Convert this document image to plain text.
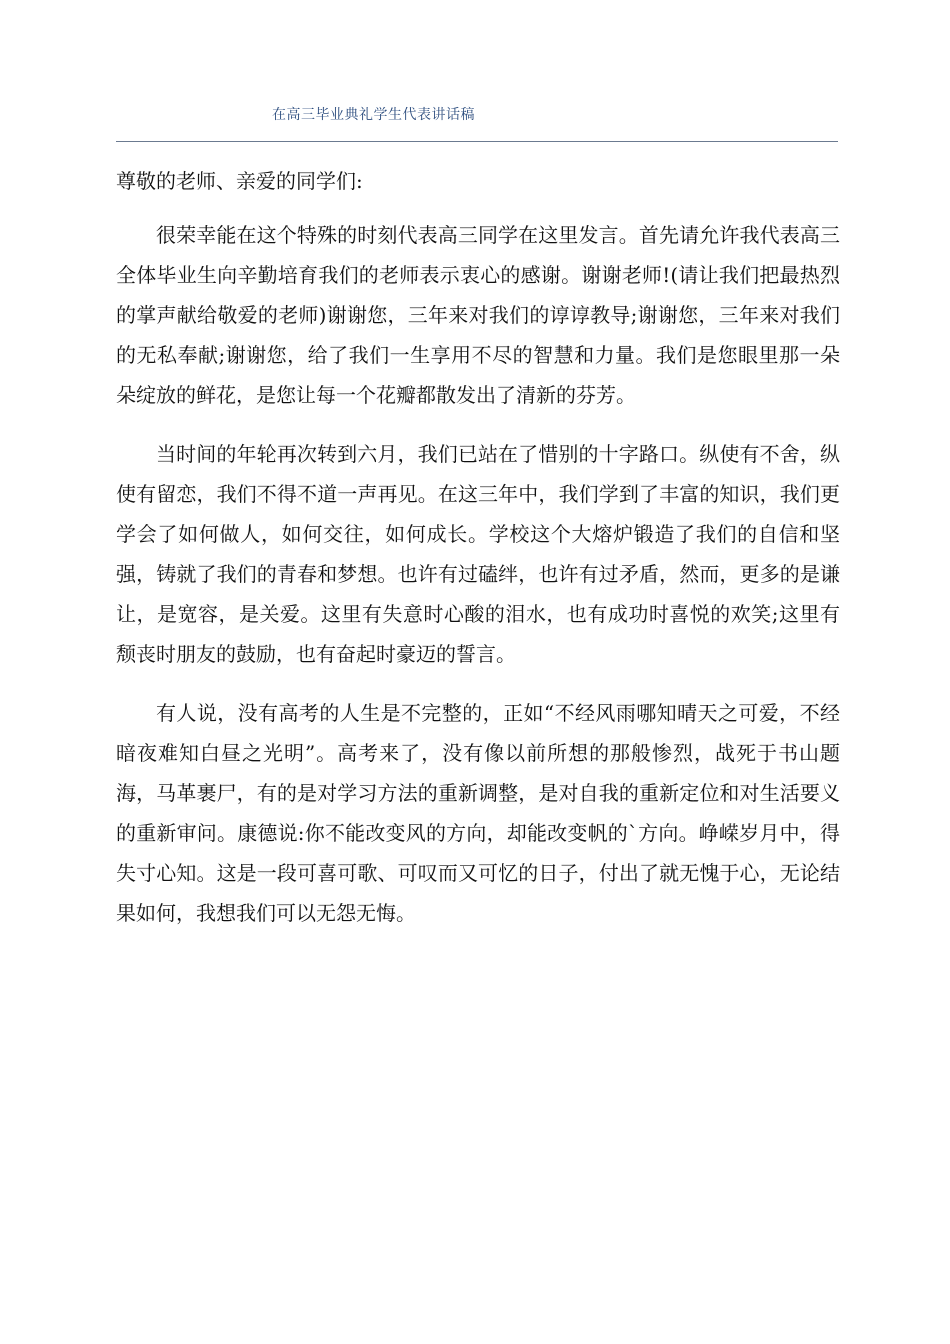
在高三毕业典礼学生代表讲话稿

尊敬的老师、亲爱的同学们:

很荣幸能在这个特殊的时刻代表高三同学在这里发言。首先请允许我代表高三全体毕业生向辛勤培育我们的老师表示衷心的感谢。谢谢老师!(请让我们把最热烈的掌声献给敬爱的老师)谢谢您，三年来对我们的谆谆教导;谢谢您，三年来对我们的无私奉献;谢谢您，给了我们一生享用不尽的智慧和力量。我们是您眼里那一朵朵绽放的鲜花，是您让每一个花瓣都散发出了清新的芬芳。

当时间的年轮再次转到六月，我们已站在了惜别的十字路口。纵使有不舍，纵使有留恋，我们不得不道一声再见。在这三年中，我们学到了丰富的知识，我们更学会了如何做人，如何交往，如何成长。学校这个大熔炉锻造了我们的自信和坚强，铸就了我们的青春和梦想。也许有过磕绊，也许有过矛盾，然而，更多的是谦让，是宽容，是关爱。这里有失意时心酸的泪水，也有成功时喜悦的欢笑;这里有颓丧时朋友的鼓励，也有奋起时豪迈的誓言。

有人说，没有高考的人生是不完整的，正如“不经风雨哪知晴天之可爱，不经暗夜难知白昼之光明”。高考来了，没有像以前所想的那般惨烈，战死于书山题海，马革裹尸，有的是对学习方法的重新调整，是对自我的重新定位和对生活要义的重新审问。康德说:你不能改变风的方向，却能改变帆的`方向。峥嵘岁月中，得失寸心知。这是一段可喜可歌、可叹而又可忆的日子，付出了就无愧于心，无论结果如何，我想我们可以无怨无悔。
